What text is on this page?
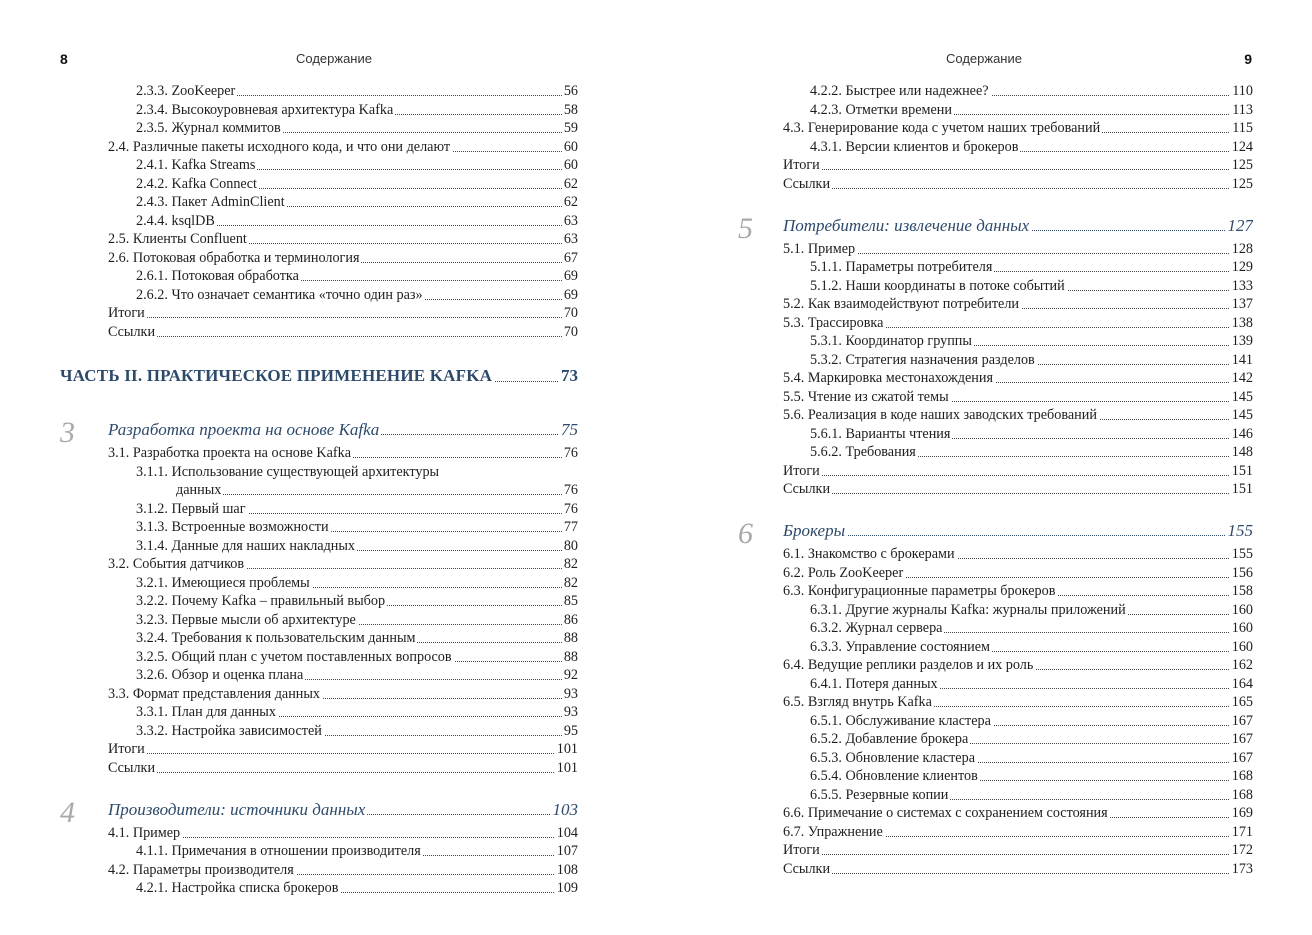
8	Содержание
2.3.3. ZooKeeper	56
2.3.4. Высокоуровневая архитектура Kafka	58
2.3.5. Журнал коммитов	59
2.4. Различные пакеты исходного кода, и что они делают	60
2.4.1. Kafka Streams	60
2.4.2. Kafka Connect	62
2.4.3. Пакет AdminClient	62
2.4.4. ksqlDB	63
2.5. Клиенты Confluent	63
2.6. Потоковая обработка и терминология	67
2.6.1. Потоковая обработка	69
2.6.2. Что означает семантика «точно один раз»	69
Итоги	70
Ссылки	70
ЧАСТЬ II. ПРАКТИЧЕСКОЕ ПРИМЕНЕНИЕ KAFKA	73
3 Разработка проекта на основе Kafka	75
3.1. Разработка проекта на основе Kafka	76
3.1.1. Использование существующей архитектуры
данных	76
3.1.2. Первый шаг	76
3.1.3. Встроенные возможности	77
3.1.4. Данные для наших накладных	80
3.2. События датчиков	82
3.2.1. Имеющиеся проблемы	82
3.2.2. Почему Kafka – правильный выбор	85
3.2.3. Первые мысли об архитектуре	86
3.2.4. Требования к пользовательским данным	88
3.2.5. Общий план с учетом поставленных вопросов	88
3.2.6. Обзор и оценка плана	92
3.3. Формат представления данных	93
3.3.1. План для данных	93
3.3.2. Настройка зависимостей	95
Итоги	101
Ссылки	101
4 Производители: источники данных	103
4.1. Пример	104
4.1.1. Примечания в отношении производителя	107
4.2. Параметры производителя	108
4.2.1. Настройка списка брокеров	109
Содержание	9
4.2.2. Быстрее или надежнее?	110
4.2.3. Отметки времени	113
4.3. Генерирование кода с учетом наших требований	115
4.3.1. Версии клиентов и брокеров	124
Итоги	125
Ссылки	125
5 Потребители: извлечение данных	127
5.1. Пример	128
5.1.1. Параметры потребителя	129
5.1.2. Наши координаты в потоке событий	133
5.2. Как взаимодействуют потребители	137
5.3. Трассировка	138
5.3.1. Координатор группы	139
5.3.2. Стратегия назначения разделов	141
5.4. Маркировка местонахождения	142
5.5. Чтение из сжатой темы	145
5.6. Реализация в коде наших заводских требований	145
5.6.1. Варианты чтения	146
5.6.2. Требования	148
Итоги	151
Ссылки	151
6 Брокеры	155
6.1. Знакомство с брокерами	155
6.2. Роль ZooKeeper	156
6.3. Конфигурационные параметры брокеров	158
6.3.1. Другие журналы Kafka: журналы приложений	160
6.3.2. Журнал сервера	160
6.3.3. Управление состоянием	160
6.4. Ведущие реплики разделов и их роль	162
6.4.1. Потеря данных	164
6.5. Взгляд внутрь Kafka	165
6.5.1. Обслуживание кластера	167
6.5.2. Добавление брокера	167
6.5.3. Обновление кластера	167
6.5.4. Обновление клиентов	168
6.5.5. Резервные копии	168
6.6. Примечание о системах с сохранением состояния	169
6.7. Упражнение	171
Итоги	172
Ссылки	173
